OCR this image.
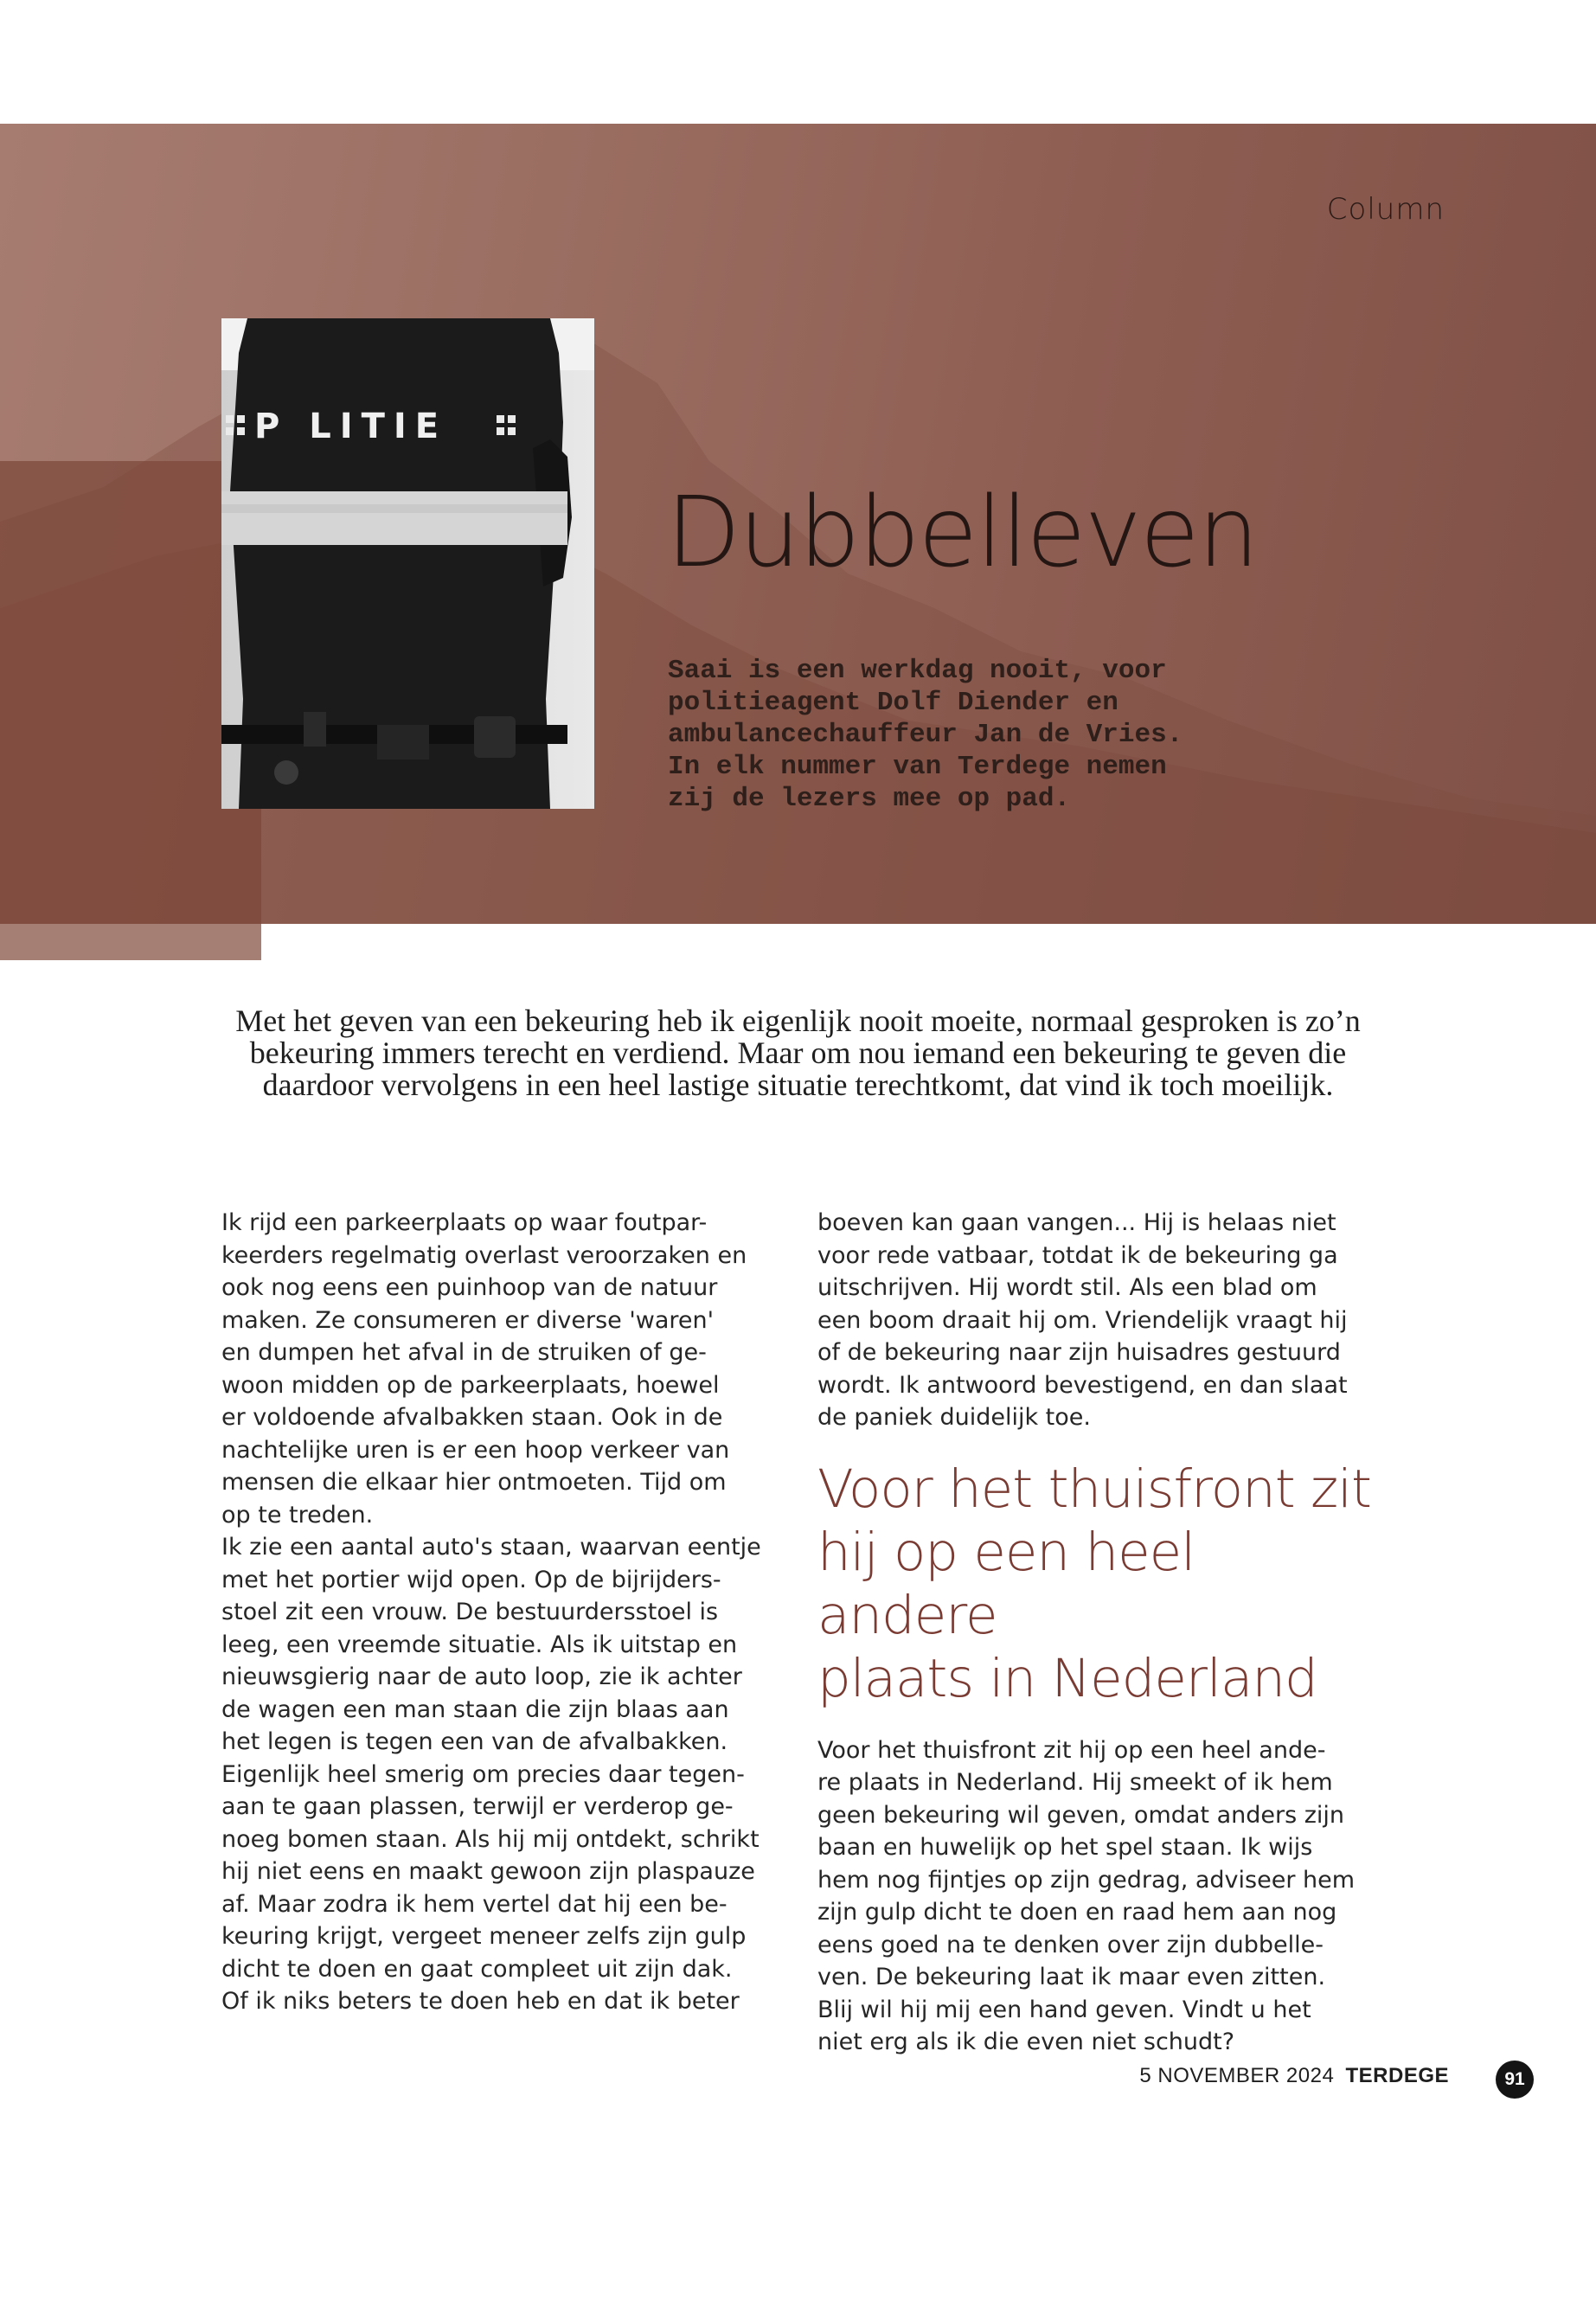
Column
P LITIE
Dubbelleven

Saai is een werkdag nooit, voor
politieagent Dolf Diender en
ambulancechauffeur Jan de Vries.
In elk nummer van Terdege nemen
zij de lezers mee op pad.

Met het geven van een bekeuring heb ik eigenlijk nooit moeite, normaal gesproken is zo’n bekeuring immers terecht en verdiend. Maar om nou iemand een bekeuring te geven die daardoor vervolgens in een heel lastige situatie terechtkomt, dat vind ik toch moeilijk.

Ik rijd een parkeerplaats op waar foutpar-
keerders regelmatig overlast veroorzaken en
ook nog eens een puinhoop van de natuur
maken. Ze consumeren er diverse 'waren'
en dumpen het afval in de struiken of ge-
woon midden op de parkeerplaats, hoewel
er voldoende afvalbakken staan. Ook in de
nachtelijke uren is er een hoop verkeer van
mensen die elkaar hier ontmoeten. Tijd om
op te treden.

Ik zie een aantal auto's staan, waarvan eentje
met het portier wijd open. Op de bijrijders-
stoel zit een vrouw. De bestuurdersstoel is
leeg, een vreemde situatie. Als ik uitstap en
nieuwsgierig naar de auto loop, zie ik achter
de wagen een man staan die zijn blaas aan
het legen is tegen een van de afvalbakken.
Eigenlijk heel smerig om precies daar tegen-
aan te gaan plassen, terwijl er verderop ge-
noeg bomen staan. Als hij mij ontdekt, schrikt
hij niet eens en maakt gewoon zijn plaspauze
af. Maar zodra ik hem vertel dat hij een be-
keuring krijgt, vergeet meneer zelfs zijn gulp
dicht te doen en gaat compleet uit zijn dak.
Of ik niks beters te doen heb en dat ik beter

boeven kan gaan vangen... Hij is helaas niet
voor rede vatbaar, totdat ik de bekeuring ga
uitschrijven. Hij wordt stil. Als een blad om
een boom draait hij om. Vriendelijk vraagt hij
of de bekeuring naar zijn huisadres gestuurd
wordt. Ik antwoord bevestigend, en dan slaat
de paniek duidelijk toe.

Voor het thuisfront zit
hij op een heel andere
plaats in Nederland

Voor het thuisfront zit hij op een heel ande-
re plaats in Nederland. Hij smeekt of ik hem
geen bekeuring wil geven, omdat anders zijn
baan en huwelijk op het spel staan. Ik wijs
hem nog fijntjes op zijn gedrag, adviseer hem
zijn gulp dicht te doen en raad hem aan nog
eens goed na te denken over zijn dubbelle-
ven. De bekeuring laat ik maar even zitten.
Blij wil hij mij een hand geven. Vindt u het
niet erg als ik die even niet schudt?

5 NOVEMBER 2024 TERDEGE	91
